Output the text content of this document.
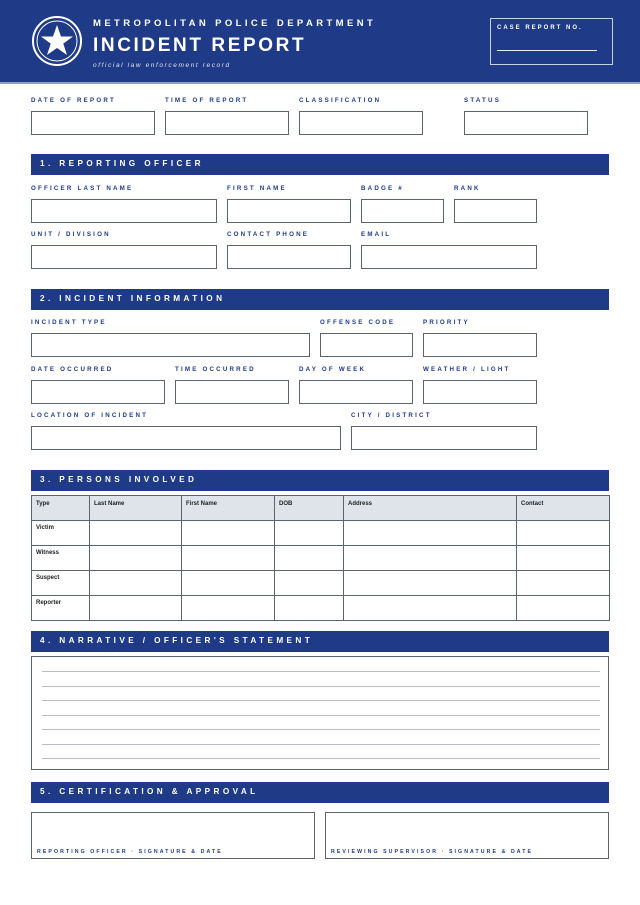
METROPOLITAN POLICE DEPARTMENT
INCIDENT REPORT
official law enforcement record
CASE REPORT NO.
DATE OF REPORT	TIME OF REPORT	CLASSIFICATION	STATUS
1. REPORTING OFFICER
OFFICER LAST NAME	FIRST NAME	BADGE #	RANK
UNIT / DIVISION	CONTACT PHONE	EMAIL
2. INCIDENT INFORMATION
INCIDENT TYPE	OFFENSE CODE	PRIORITY
DATE OCCURRED	TIME OCCURRED	DAY OF WEEK	WEATHER / LIGHT
LOCATION OF INCIDENT	CITY / DISTRICT
3. PERSONS INVOLVED
Type	Last Name	First Name	DOB	Address	Contact
Victim					
Witness					
Suspect					
Reporter					
4. NARRATIVE / OFFICER'S STATEMENT
5. CERTIFICATION & APPROVAL
REPORTING OFFICER · SIGNATURE & DATE	REVIEWING SUPERVISOR · SIGNATURE & DATE
